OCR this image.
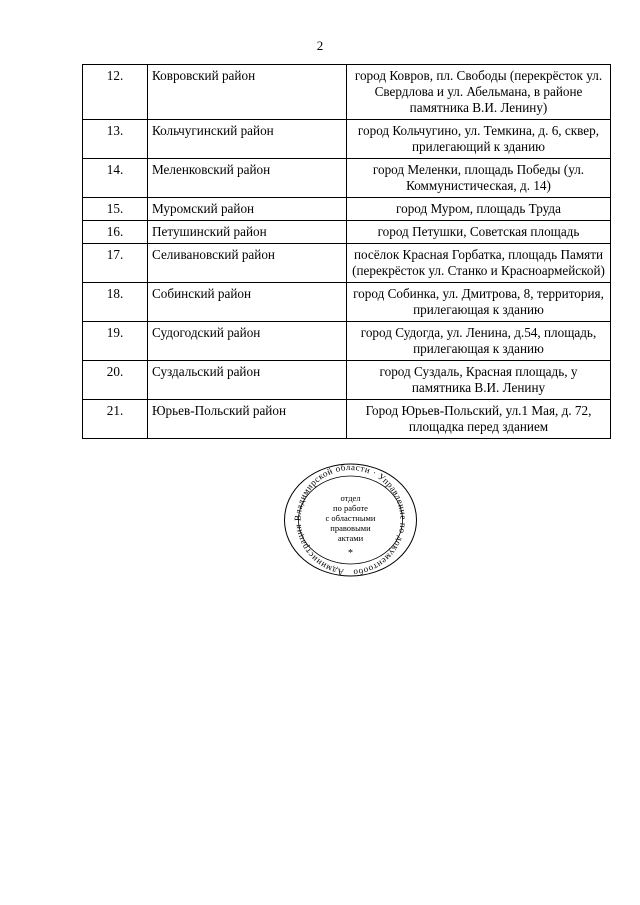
2
12.	Ковровский район	город Ковров, пл. Свободы (перекрёсток ул. Свердлова и ул. Абельмана, в районе памятника В.И. Ленину)
13.	Кольчугинский район	город Кольчугино, ул. Темкина, д. 6, сквер, прилегающий к зданию
14.	Меленковский район	город Меленки, площадь Победы (ул. Коммунистическая, д. 14)
15.	Муромский район	город Муром, площадь Труда
16.	Петушинский район	город Петушки, Советская площадь
17.	Селивановский район	посёлок Красная Горбатка, площадь Памяти (перекрёсток ул. Станко и Красноармейской)
18.	Собинский район	город Собинка, ул. Дмитрова, 8, территория, прилегающая к зданию
19.	Судогодский район	город Судогда, ул. Ленина, д.54, площадь, прилегающая к зданию
20.	Суздальский район	город Суздаль, Красная площадь, у памятника В.И. Ленину
21.	Юрьев-Польский район	Город Юрьев-Польский, ул.1 Мая, д. 72, площадка перед зданием
Администрация Владимирской области · Управление по документообо
отдел
по работе
с областными
правовыми
актами
*
